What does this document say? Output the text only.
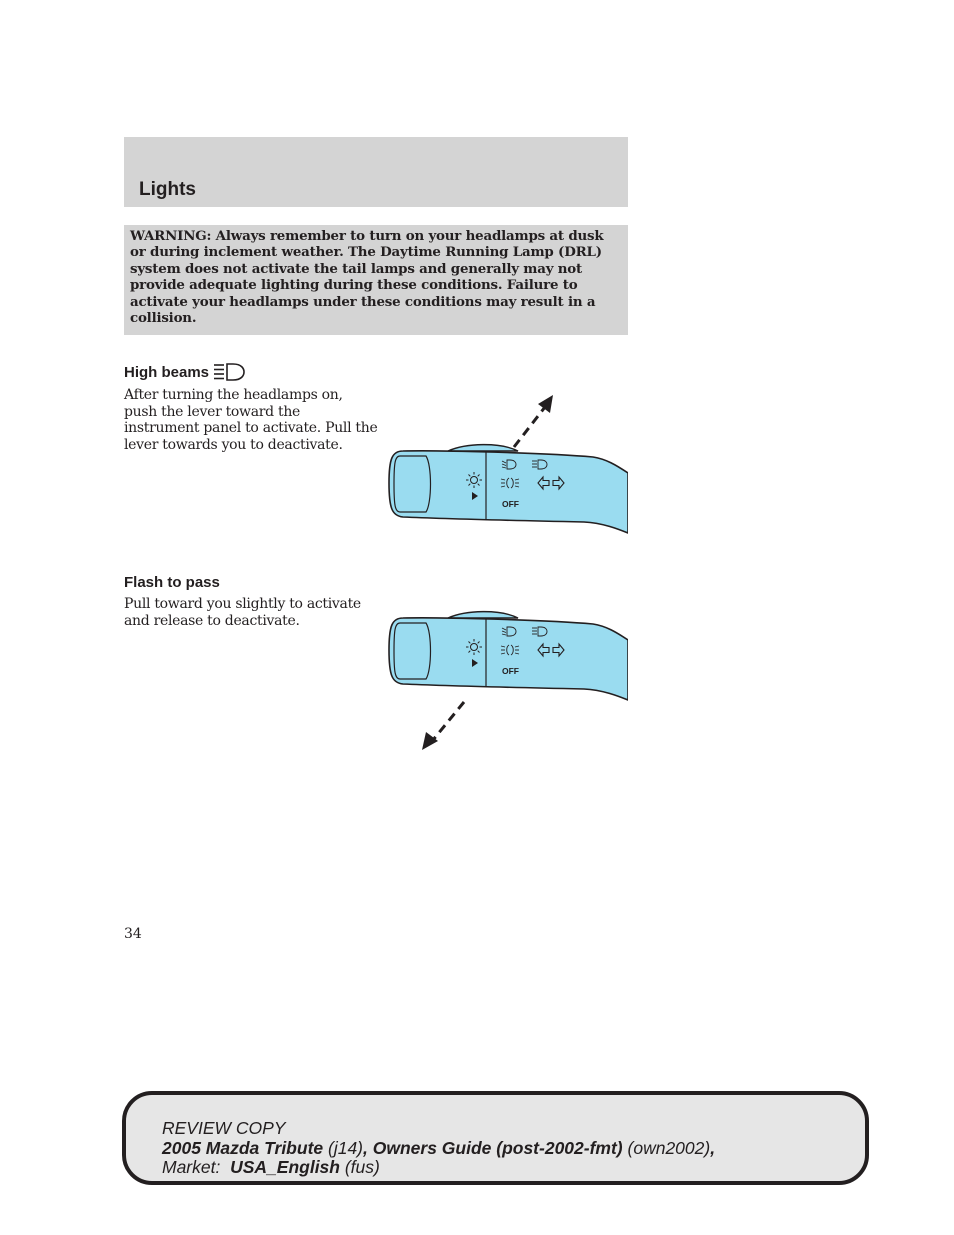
Lights

WARNING: Always remember to turn on your headlamps at dusk or during inclement weather. The Daytime Running Lamp (DRL) system does not activate the tail lamps and generally may not provide adequate lighting during these conditions. Failure to activate your headlamps under these conditions may result in a collision.

High beams

After turning the headlamps on, push the lever toward the instrument panel to activate. Pull the lever towards you to deactivate.

OFF
Flash to pass

Pull toward you slightly to activate and release to deactivate.

OFF

34

REVIEW COPY
2005 Mazda Tribute (j14), Owners Guide (post-2002-fmt) (own2002),
Market: USA_English (fus)
